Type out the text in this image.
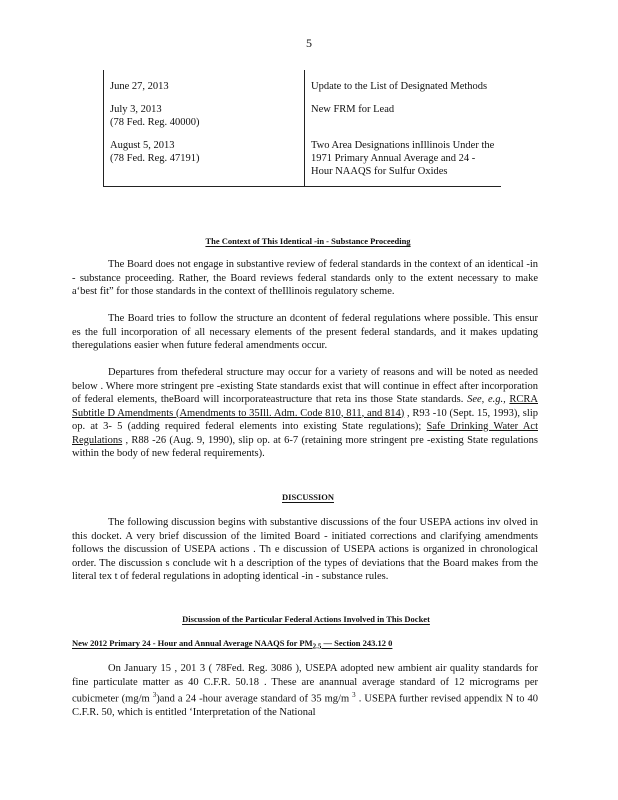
5
June 27, 2013	Update to the List of Designated Methods

July 3, 2013
(78 Fed. Reg. 40000)	New FRM for Lead

August 5, 2013
(78 Fed. Reg. 47191)	Two Area Designations inIllinois Under the 1971 Primary Annual Average and 24 -Hour NAAQS for Sulfur Oxides
The Context of This Identical -in - Substance Proceeding

The Board does not engage in substantive review of federal standards in the context of an identical -in - substance proceeding. Rather, the Board reviews federal standards only to the extent necessary to make a‘best fit” for those standards in the context of theIllinois regulatory scheme.

The Board tries to follow the structure an dcontent of federal regulations where possible. This ensur es the full incorporation of all necessary elements of the present federal standards, and it makes updating theregulations easier when future federal amendments occur.

Departures from thefederal structure may occur for a variety of reasons and will be noted as needed below . Where more stringent pre -existing State standards exist that will continue in effect after incorporation of federal elements, theBoard will incorporateastructure that reta ins those State standards. See, e.g., RCRA Subtitle D Amendments (Amendments to 35Ill. Adm. Code 810, 811, and 814) , R93 -10 (Sept. 15, 1993), slip op. at 3- 5 (adding required federal elements into existing State regulations); Safe Drinking Water Act Regulations , R88 -26 (Aug. 9, 1990), slip op. at 6-7 (retaining more stringent pre -existing State regulations within the body of new federal requirements).

DISCUSSION

The following discussion begins with substantive discussions of the four USEPA actions inv olved in this docket. A very brief discussion of the limited Board - initiated corrections and clarifying amendments follows the discussion of USEPA actions . Th e discussion of USEPA actions is organized in chronological order. The discussion s conclude wit h a description of the types of deviations that the Board makes from the literal tex t of federal regulations in adopting identical -in - substance rules.

Discussion of the Particular Federal Actions Involved in This Docket
New 2012 Primary 24 - Hour and Annual Average NAAQS for $PM_{2.5}$ — Section 243.12 0

On January 15 , 201 3 ( 78Fed. Reg. 3086 ), USEPA adopted new ambient air quality standards for fine particulate matter as 40 C.F.R. 50.18 . These are anannual average standard of 12 micrograms per cubicmeter (mg/m $^3$)and a 24 -hour average standard of 35 mg/m $^3$ . USEPA further revised appendix N to 40 C.F.R. 50, which is entitled ‘Interpretation of the National
